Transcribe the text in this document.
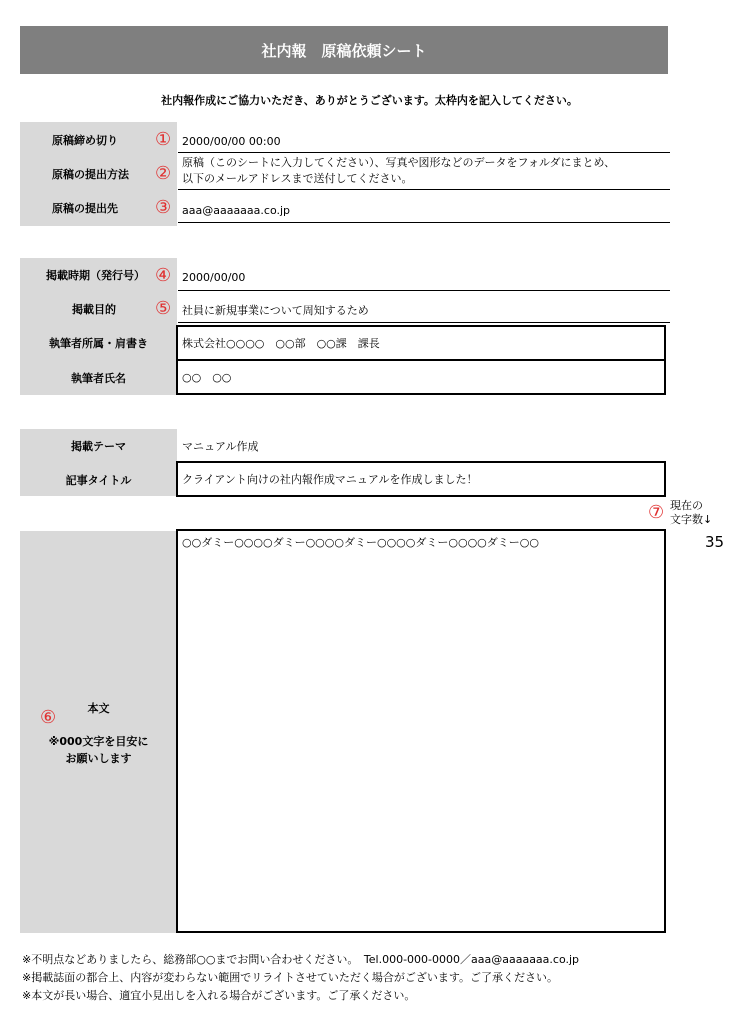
社内報　原稿依頼シート
社内報作成にご協力いただき、ありがとうございます。太枠内を記入してください。
原稿締め切り	① 2000/00/00 00:00
原稿の提出方法	②
原稿（このシートに入力してください）、写真や図形などのデータをフォルダにまとめ、
以下のメールアドレスまで送付してください。
原稿の提出先	③ aaa@aaaaaaa.co.jp
掲載時期（発行号） ④ 2000/00/00
掲載目的	⑤ 社員に新規事業について周知するため
執筆者所属・肩書き	株式会社○○○○　○○部　○○課　課長
執筆者氏名	○○　○○
掲載テーマ	マニュアル作成
記事タイトル	クライアント向けの社内報作成マニュアルを作成しました！
⑦ 現在の
文字数↓
35
⑥	本文
※000文字を目安に
お願いします
○○ダミー○○○○ダミー○○○○ダミー○○○○ダミー○○○○ダミー○○
※不明点などありましたら、総務部○○までお問い合わせください。　Tel.000-000-0000／aaa@aaaaaaa.co.jp
※掲載誌面の都合上、内容が変わらない範囲でリライトさせていただく場合がございます。ご了承ください。
※本文が長い場合、適宜小見出しを入れる場合がございます。ご了承ください。
